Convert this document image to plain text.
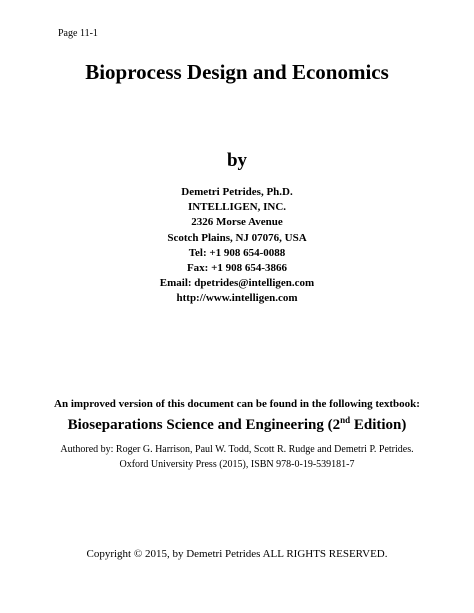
Page 11-1
Bioprocess Design and Economics
by
Demetri Petrides, Ph.D.
INTELLIGEN, INC.
2326 Morse Avenue
Scotch Plains, NJ 07076, USA
Tel: +1 908 654-0088
Fax: +1 908 654-3866
Email: dpetrides@intelligen.com
http://www.intelligen.com
An improved version of this document can be found in the following textbook:
Bioseparations Science and Engineering (2nd Edition)
Authored by: Roger G. Harrison, Paul W. Todd, Scott R. Rudge and Demetri P. Petrides.
Oxford University Press (2015), ISBN 978-0-19-539181-7
Copyright © 2015, by Demetri Petrides ALL RIGHTS RESERVED.
